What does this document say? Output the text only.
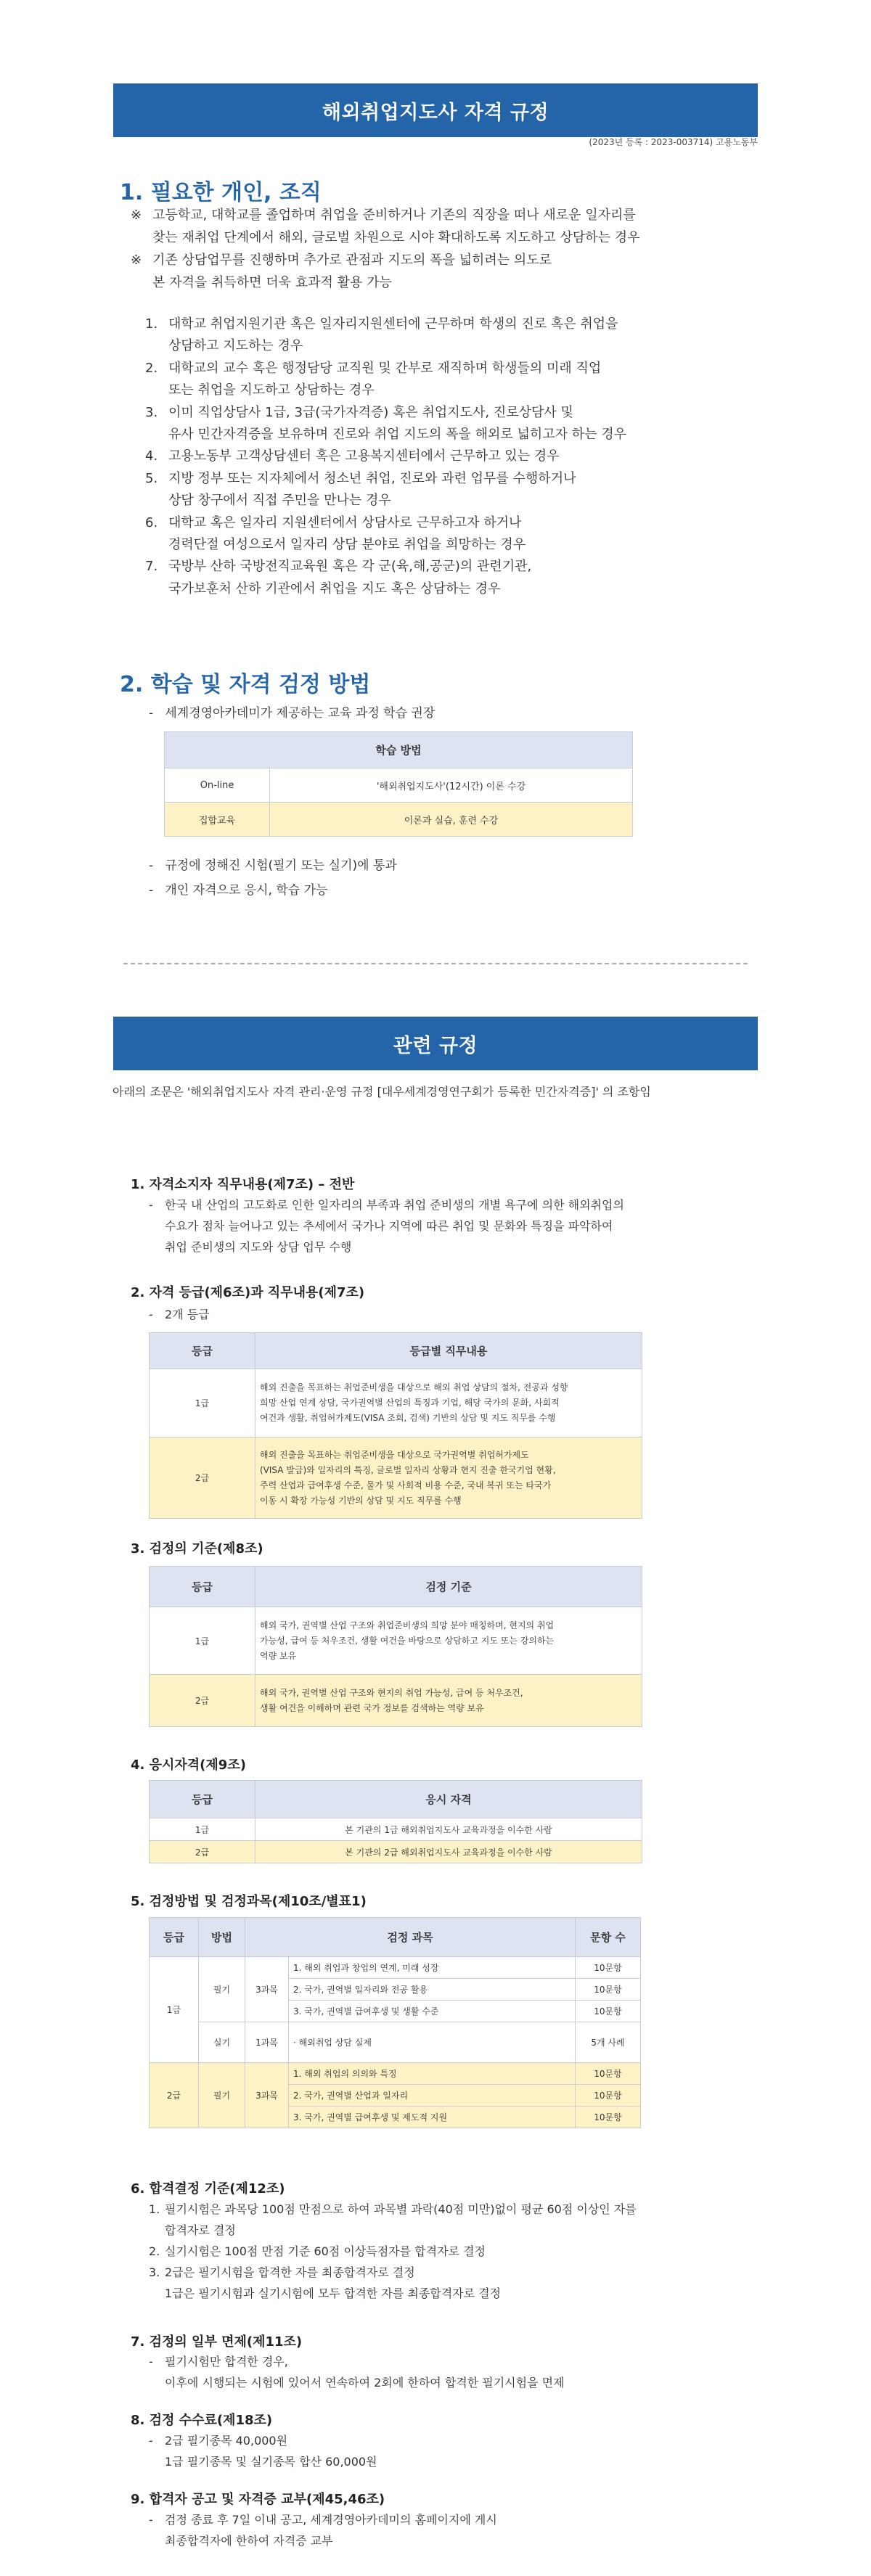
해외취업지도사 자격 규정
(2023년 등록 : 2023-003714) 고용노동부
1. 필요한 개인, 조직
※ 고등학교, 대학교를 졸업하며 취업을 준비하거나 기존의 직장을 떠나 새로운 일자리를
찾는 재취업 단계에서 해외, 글로벌 차원으로 시야 확대하도록 지도하고 상담하는 경우
※ 기존 상담업무를 진행하며 추가로 관점과 지도의 폭을 넓히려는 의도로
본 자격을 취득하면 더욱 효과적 활용 가능
1. 대학교 취업지원기관 혹은 일자리지원센터에 근무하며 학생의 진로 혹은 취업을
상담하고 지도하는 경우
2. 대학교의 교수 혹은 행정담당 교직원 및 간부로 재직하며 학생들의 미래 직업
또는 취업을 지도하고 상담하는 경우
3. 이미 직업상담사 1급, 3급(국가자격증) 혹은 취업지도사, 진로상담사 및
유사 민간자격증을 보유하며 진로와 취업 지도의 폭을 해외로 넓히고자 하는 경우
4. 고용노동부 고객상담센터 혹은 고용복지센터에서 근무하고 있는 경우
5. 지방 정부 또는 지자체에서 청소년 취업, 진로와 과련 업무를 수행하거나
상담 창구에서 직접 주민을 만나는 경우
6. 대학교 혹은 일자리 지원센터에서 상담사로 근무하고자 하거나
경력단절 여성으로서 일자리 상담 분야로 취업을 희망하는 경우
7. 국방부 산하 국방전직교육원 혹은 각 군(육,해,공군)의 관련기관,
국가보훈처 산하 기관에서 취업을 지도 혹은 상담하는 경우
2. 학습 및 자격 검정 방법
-   세계경영아카데미가 제공하는 교육 과정 학습 권장
학습 방법	
On-line	'해외취업지도사'(12시간) 이론 수강
집합교육	이론과 실습, 훈련 수강
-   규정에 정해진 시험(필기 또는 실기)에 통과
-   개인 자격으로 응시, 학습 가능
관련 규정
아래의 조문은 '해외취업지도사 자격 관리·운영 규정 [대우세계경영연구회가 등록한 민간자격증]' 의 조항임
1. 자격소지자 직무내용(제7조) – 전반
-	한국 내 산업의 고도화로 인한 일자리의 부족과 취업 준비생의 개별 욕구에 의한 해외취업의
수요가 점차 늘어나고 있는 추세에서 국가나 지역에 따른 취업 및 문화와 특징을 파악하여
취업 준비생의 지도와 상담 업무 수행
2. 자격 등급(제6조)과 직무내용(제7조)
-	2개 등급
등급	등급별 직무내용
1급	해외 진출을 목표하는 취업준비생을 대상으로 해외 취업 상담의 절차, 전공과 성향
희망 산업 연계 상담, 국가권역별 산업의 특징과 기업, 해당 국가의 문화, 사회적
여건과 생활, 취업허가제도(VISA 조회, 검색) 기반의 상담 및 지도 직무를 수행

2급	해외 진출을 목표하는 취업준비생을 대상으로 국가권역별 취업허가제도
(VISA 발급)와 일자리의 특징, 글로벌 일자리 상황과 현지 진출 한국기업 현황,
주력 산업과 급여후생 수준, 물가 및 사회적 비용 수준, 국내 복귀 또는 타국가
이동 시 확장 가능성 기반의 상담 및 지도 직무를 수행
3. 검정의 기준(제8조)
등급	검정 기준
1급	해외 국가, 권역별 산업 구조와 취업준비생의 희망 분야 매칭하며, 현지의 취업
가능성, 급여 등 처우조건, 생활 여건을 바탕으로 상담하고 지도 또는 강의하는
역량 보유

2급	해외 국가, 권역별 산업 구조와 현지의 취업 가능성, 급여 등 처우조건,
생활 여건을 이해하며 관련 국가 정보를 검색하는 역량 보유
4. 응시자격(제9조)
등급	응시 자격
1급	본 기관의 1급 해외취업지도사 교육과정을 이수한 사람
2급	본 기관의 2급 해외취업지도사 교육과정을 이수한 사람
5. 검정방법 및 검정과목(제10조/별표1)
등급	방법	검정 과목		문항 수
1급	필기	3과목	1. 해외 취업과 창업의 연계, 미래 성장	10문항
			2. 국가, 권역별 일자리와 전공 활용	10문항
			3. 국가, 권역별 급여후생 및 생활 수준	10문항
	실기	1과목	· 해외취업 상담 실제	5개 사례
2급	필기	3과목	1. 해외 취업의 의의와 특징	10문항
			2. 국가, 권역별 산업과 일자리	10문항
			3. 국가, 권역별 급여후생 및 제도적 지원	10문항
6. 합격결정 기준(제12조)
1. 필기시험은 과목당 100점 만점으로 하여 과목별 과락(40점 미만)없이 평균 60점 이상인 자를
합격자로 결정
2. 실기시험은 100점 만점 기준 60점 이상득점자를 합격자로 결정
3. 2급은 필기시험을 합격한 자를 최종합격자로 결정
1급은 필기시험과 실기시험에 모두 합격한 자를 최종합격자로 결정
7. 검정의 일부 면제(제11조)
-	필기시험만 합격한 경우,
이후에 시행되는 시험에 있어서 연속하여 2회에 한하여 합격한 필기시험을 면제
8. 검정 수수료(제18조)
-	2급 필기종목 40,000원
1급 필기종목 및 실기종목 합산 60,000원
9. 합격자 공고 및 자격증 교부(제45,46조)
-	검정 종료 후 7일 이내 공고, 세계경영아카데미의 홈페이지에 게시
최종합격자에 한하여 자격증 교부
